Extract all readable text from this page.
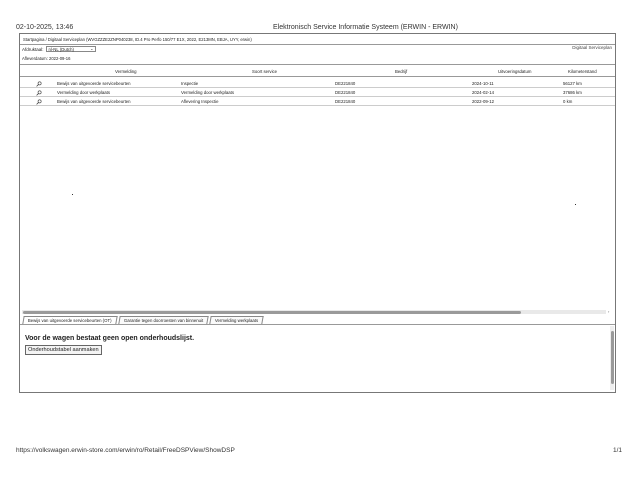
02-10-2025, 13:46	Elektronisch Service Informatie Systeem (ERWIN - ERWIN)
Startpagina / Digitaal Serviceplan (WVGZZZE2ZNP040238, ID.4 Pro Perfo 150/77 E1X, 2022, E213MN, EBJA, UYY, erwin)
Afdruktaal:	nl-NL (Dutch)	⌄	Digitaal Serviceplan
Afleverdatum: 2022-09-16
Vermelding	Soort service	Bedrijf	Uitvoeringsdatum	Kilometerstand
Bewijs van uitgevoerde servicebeurten	Inspectie	DE221840	2024-10-11	56127 km
Vermelding door werkplaats	Vermelding door werkplaats	DE221840	2024-02-14	37686 km
Bewijs van uitgevoerde servicebeurten	Aflevering Inspectie	DE221840	2022-09-12	0 km
›
Bewijs van uitgevoerde servicebeurten (OT)	Garantie tegen doorroesten van binnenuit	Vermelding werkplaats
Voor de wagen bestaat geen open onderhoudslijst.
Onderhoudstabel aanmaken
https://volkswagen.erwin-store.com/erwin/ro/Retail/FreeDSPView/ShowDSP	1/1
